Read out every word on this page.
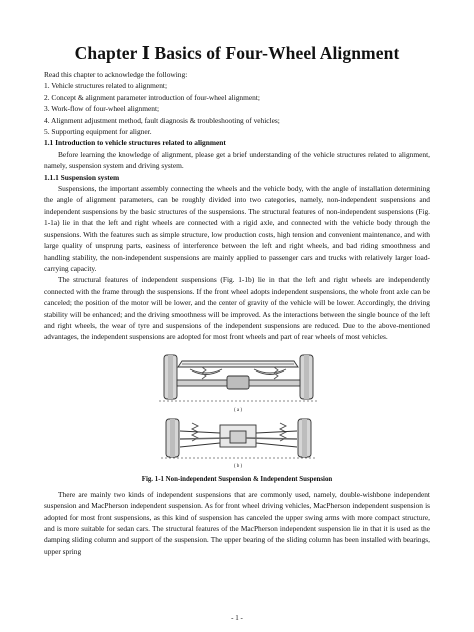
Chapter Ⅰ Basics of Four-Wheel Alignment
Read this chapter to acknowledge the following:
1. Vehicle structures related to alignment;
2. Concept & alignment parameter introduction of four-wheel alignment;
3. Work-flow of four-wheel alignment;
4. Alignment adjustment method, fault diagnosis & troubleshooting of vehicles;
5. Supporting equipment for aligner.
1.1 Introduction to vehicle structures related to alignment

Before learning the knowledge of alignment, please get a brief understanding of the vehicle structures related to alignment, namely, suspension system and driving system.

1.1.1 Suspension system

Suspensions, the important assembly connecting the wheels and the vehicle body, with the angle of installation determining the angle of alignment parameters, can be roughly divided into two categories, namely, non-independent suspensions and independent suspensions by the basic structures of the suspensions. The structural features of non-independent suspensions (Fig. 1-1a) lie in that the left and right wheels are connected with a rigid axle, and connected with the vehicle body through the suspensions. With the features such as simple structure, low production costs, high tension and convenient maintenance, and with large quality of unsprung parts, easiness of interference between the left and right wheels, and bad riding smoothness and handling stability, the non-independent suspensions are mainly applied to passenger cars and trucks with relatively larger load-carrying capacity.

The structural features of independent suspensions (Fig. 1-1b) lie in that the left and right wheels are independently connected with the frame through the suspensions. If the front wheel adopts independent suspensions, the whole front axle can be canceled; the position of the motor will be lower, and the center of gravity of the vehicle will be lower. Accordingly, the driving stability will be enhanced; and the driving smoothness will be improved. As the interactions between the single bounce of the left and right wheels, the wear of tyre and suspensions of the independent suspensions are reduced. Due to the above-mentioned advantages, the independent suspensions are adopted for most front wheels and part of rear wheels of most vehicles.

( a )
( b )
Fig. 1-1 Non-independent Suspension & Independent Suspension

There are mainly two kinds of independent suspensions that are commonly used, namely, double-wishbone independent suspension and MacPherson independent suspension. As for front wheel driving vehicles, MacPherson independent suspension is adopted for most front suspensions, as this kind of suspension has canceled the upper swing arms with more compact structure, and is more suitable for sedan cars. The structural features of the MacPherson independent suspension lie in that it is used as the damping sliding column and support of the suspension. The upper bearing of the sliding column has been installed with bearings, upper spring

- 1 -
